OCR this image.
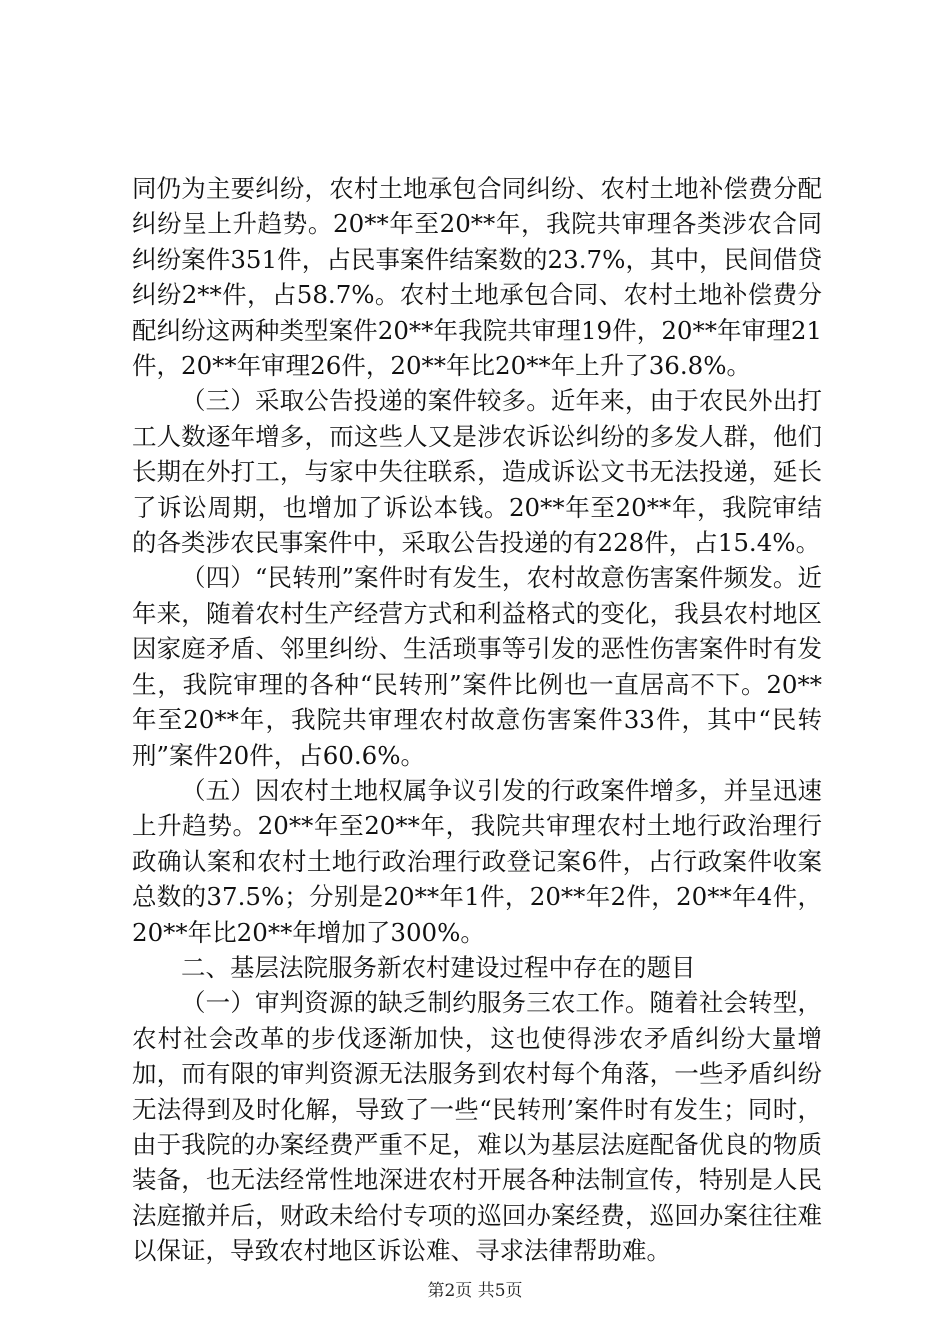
同仍为主要纠纷，农村土地承包合同纠纷、农村土地补偿费分配纠纷呈上升趋势。20**年至20**年，我院共审理各类涉农合同纠纷案件351件，占民事案件结案数的23.7%，其中，民间借贷纠纷2**件，占58.7%。农村土地承包合同、农村土地补偿费分配纠纷这两种类型案件20**年我院共审理19件，20**年审理21件，20**年审理26件，20**年比20**年上升了36.8%。

（三）采取公告投递的案件较多。近年来，由于农民外出打工人数逐年增多，而这些人又是涉农诉讼纠纷的多发人群，他们长期在外打工，与家中失往联系，造成诉讼文书无法投递，延长了诉讼周期，也增加了诉讼本钱。20**年至20**年，我院审结的各类涉农民事案件中，采取公告投递的有228件，占15.4%。

（四）“民转刑”案件时有发生，农村故意伤害案件频发。近年来，随着农村生产经营方式和利益格式的变化，我县农村地区因家庭矛盾、邻里纠纷、生活琐事等引发的恶性伤害案件时有发生，我院审理的各种“民转刑”案件比例也一直居高不下。20**年至20**年，我院共审理农村故意伤害案件33件，其中“民转刑”案件20件，占60.6%。

（五）因农村土地权属争议引发的行政案件增多，并呈迅速上升趋势。20**年至20**年，我院共审理农村土地行政治理行政确认案和农村土地行政治理行政登记案6件，占行政案件收案总数的37.5%；分别是20**年1件，20**年2件，20**年4件，20**年比20**年增加了300%。

二、基层法院服务新农村建设过程中存在的题目

（一）审判资源的缺乏制约服务三农工作。随着社会转型，农村社会改革的步伐逐渐加快，这也使得涉农矛盾纠纷大量增加，而有限的审判资源无法服务到农村每个角落，一些矛盾纠纷无法得到及时化解，导致了一些“民转刑’案件时有发生；同时，由于我院的办案经费严重不足，难以为基层法庭配备优良的物质装备，也无法经常性地深进农村开展各种法制宣传，特别是人民法庭撤并后，财政未给付专项的巡回办案经费，巡回办案往往难以保证，导致农村地区诉讼难、寻求法律帮助难。

第2页 共5页
